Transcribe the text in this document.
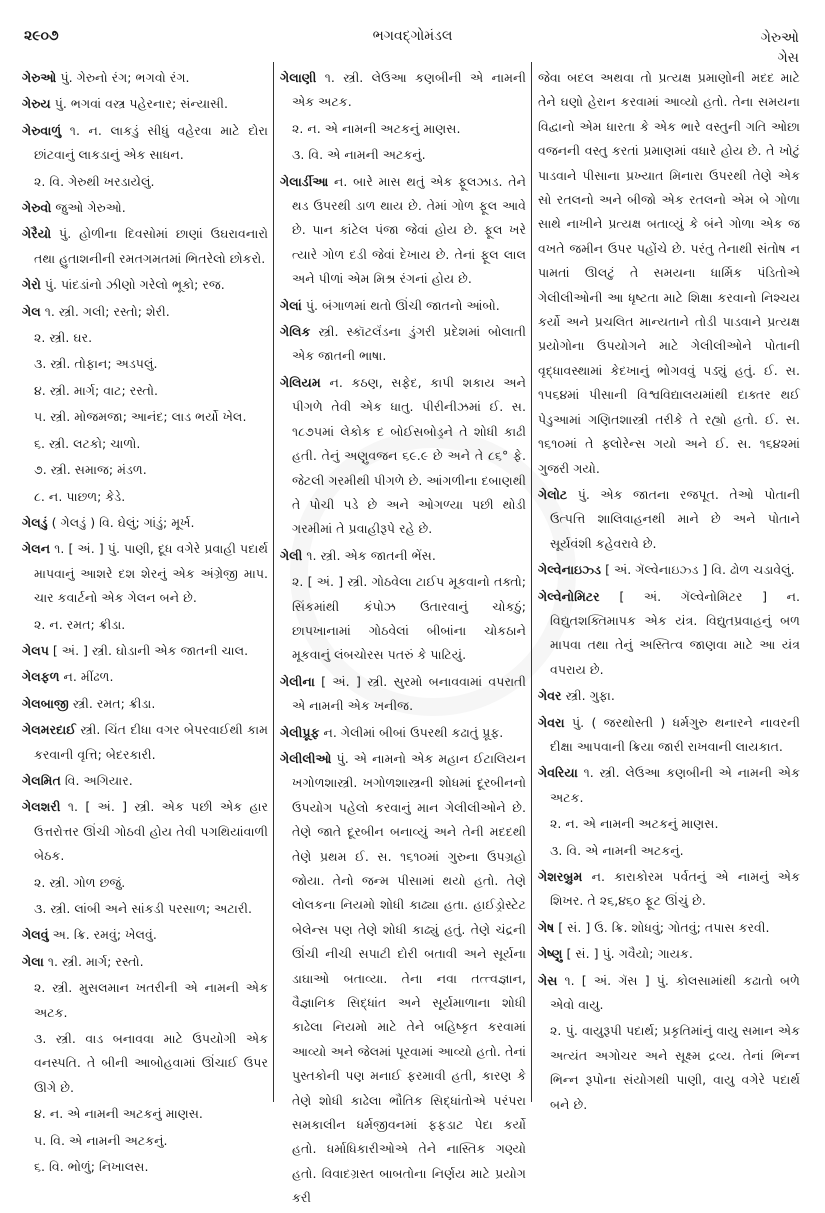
૨૯૦૭	ભગવદ્ગોમંડલ	ગેરુઓ
ગેસ
ગેરુઓ પું. ગેરુનો રંગ; ભગવો રંગ.
ગેરુય પું. ભગવાં વસ્ત્ર પહેરનાર; સંન્યાસી.
ગેરુવાળું ૧. ન. લાકડું સીધું વહેરવા માટે દોરા છાંટવાનું લાકડાનું એક સાધન.
૨. વિ. ગેરુથી ખરડાયેલું.
ગેરુવો જુઓ ગેરુઓ.
ગેરૈયો પું. હોળીના દિવસોમાં છાણાં ઉઘરાવનારો તથા હુતાશનીની રમતગમતમાં ભિતરેલો છોકરો.
ગેરો પું. પાંદડાંનો ઝીણો ગરેલો ભૂકો; રજ.
ગેલ ૧. સ્ત્રી. ગલી; રસ્તો; શેરી.
૨. સ્ત્રી. ઘર.
૩. સ્ત્રી. તોફાન; અડપલું.
૪. સ્ત્રી. માર્ગ; વાટ; રસ્તો.
૫. સ્ત્રી. મોજમજા; આનંદ; લાડ ભર્યો ખેલ.
૬. સ્ત્રી. લટકો; ચાળો.
૭. સ્ત્રી. સમાજ; મંડળ.
૮. ન. પાછળ; કેડે.
ગેલડું ( ગેલડું ) વિ. ઘેલું; ગાંડું; મૂર્ખ.
ગેલન ૧. [ અં. ] પું. પાણી, દૂધ વગેરે પ્રવાહી પદાર્થ માપવાનું આશરે દશ શેરનું એક અંગ્રેજી માપ. ચાર કવાર્ટનો એક ગેલન બને છે.
૨. ન. રમત; ક્રીડા.
ગેલપ [ અં. ] સ્ત્રી. ઘોડાની એક જાતની ચાલ.
ગેલફળ ન. મીંઢળ.
ગેલબાજી સ્ત્રી. રમત; ક્રીડા.
ગેલમરદાઈ સ્ત્રી. ચિંત દીધા વગર બેપરવાઈથી કામ કરવાની વૃત્તિ; બેદરકારી.
ગેલમિત વિ. અગિયાર.
ગેલશરી ૧. [ અં. ] સ્ત્રી. એક પછી એક હાર ઉત્તરોત્તર ઊંચી ગોઠવી હોય તેવી પગથિયાંવાળી બેઠક.
૨. સ્ત્રી. ગોળ છજું.
૩. સ્ત્રી. લાંબી અને સાંકડી પરસાળ; અટારી.
ગેલવું અ. ક્રિ. રમવું; ખેલવું.
ગેલા ૧. સ્ત્રી. માર્ગ; રસ્તો.
૨. સ્ત્રી. મુસલમાન ખતરીની એ નામની એક અટક.
૩. સ્ત્રી. વાડ બનાવવા માટે ઉપયોગી એક વનસ્પતિ. તે બીની આબોહવામાં ઊંચાઈ ઉપર ઊગે છે.
૪. ન. એ નામની અટકનું માણસ.
૫. વિ. એ નામની અટકનું.
૬. વિ. ભોળું; નિખાલસ.
ગેલાણી ૧. સ્ત્રી. લેઉઆ કણબીની એ નામની એક અટક.
૨. ન. એ નામની અટકનું માણસ.
૩. વિ. એ નામની અટકનું.
ગેલાર્ડીઆ ન. બારે માસ થતું એક ફૂલઝાડ. તેને થડ ઉપરથી ડાળ થાય છે. તેમાં ગોળ ફૂલ આવે છે. પાન કાંટેલ પંજા જેવાં હોય છે. ફૂલ ખરે ત્યારે ગોળ દડી જેવાં દેખાય છે. તેનાં ફૂલ લાલ અને પીળાં એમ મિશ્ર રંગનાં હોય છે.
ગેલાં પું. બંગાળમાં થતો ઊંચી જાતનો આંબો.
ગેલિક સ્ત્રી. સ્કૉટલૅંડના ડુંગરી પ્રદેશમાં બોલાતી એક જાતની ભાષા.
ગેલિયમ ન. કઠણ, સફેદ, કાપી શકાય અને પીગળે તેવી એક ધાતુ. પીરીનીઝમાં ઈ. સ. ૧૮૭૫માં લેકોક દ બોઈસબોડ્રને તે શોધી કાઢી હતી. તેનું અણુવજન ૬૯.૯ છે અને તે ૮૬° ફે. જેટલી ગરમીથી પીગળે છે. આંગળીના દબાણથી તે પોચી પડે છે અને ઓગળ્યા પછી થોડી ગરમીમાં તે પ્રવાહીરૂપે રહે છે.
ગેલી ૧. સ્ત્રી. એક જાતની ભેંસ.
૨. [ અં. ] સ્ત્રી. ગોઠવેલા ટાઈપ મૂકવાનો તક્તો; સિંકમાંથી કંપોઝ ઉતારવાનું ચોકઠું; છાપખાનામાં ગોઠવેલાં બીબાંના ચોકઠાને મૂકવાનું લંબચોરસ પતરું કે પાટિયું.
ગેલીના [ અં. ] સ્ત્રી. સુરમો બનાવવામાં વપરાતી એ નામની એક ખનીજ.
ગેલીપ્રૂફ ન. ગેલીમાં બીબાં ઉપરથી કઢાતું પ્રૂફ.
ગેલીલીઓ પું. એ નામનો એક મહાન ઈટાલિયન ખગોળશાસ્ત્રી. ખગોળશાસ્ત્રની શોધમાં દૂરબીનનો ઉપયોગ પહેલો કરવાનું માન ગેલીલીઓને છે. તેણે જાતે દૂરબીન બનાવ્યું અને તેની મદદથી તેણે પ્રથમ ઈ. સ. ૧૬૧૦માં ગુરુના ઉપગ્રહો જોયા. તેનો જન્મ પીસામાં થયો હતો. તેણે લોલકના નિયમો શોધી કાઢ્યા હતા. હાઈડ્રોસ્ટેટ બેલેન્સ પણ તેણે શોધી કાઢ્યું હતું. તેણે ચંદ્રની ઊંચી નીચી સપાટી દોરી બતાવી અને સૂર્યના ડાઘાઓ બતાવ્યા. તેના નવા તત્ત્વજ્ઞાન, વૈજ્ઞાનિક સિદ્ધાંત અને સૂર્યમાળાના શોધી કાઢેલા નિયમો માટે તેને બહિષ્કૃત કરવામાં આવ્યો અને જેલમાં પૂરવામાં આવ્યો હતો. તેનાં પુસ્તકોની પણ મનાઈ ફરમાવી હતી, કારણ કે તેણે શોધી કાઢેલા ભૌતિક સિદ્ધાંતોએ પરંપરા સમકાલીન ધર્મજીવનમાં ફફડાટ પેદા કર્યો હતો. ધર્માધિકારીઓએ તેને નાસ્તિક ગણ્યો હતો. વિવાદગ્રસ્ત બાબતોના નિર્ણય માટે પ્રયોગ કરી
જેવા બદલ અથવા તો પ્રત્યક્ષ પ્રમાણોની મદદ માટે તેને ઘણો હેરાન કરવામાં આવ્યો હતો. તેના સમયના વિદ્વાનો એમ ધારતા કે એક ભારે વસ્તુની ગતિ ઓછા વજનની વસ્તુ કરતાં પ્રમાણમાં વધારે હોય છે. તે ખોટું પાડવાને પીસાના પ્રખ્યાત મિનારા ઉપરથી તેણે એક સો રતલનો અને બીજો એક રતલનો એમ બે ગોળા સાથે નાખીને પ્રત્યક્ષ બતાવ્યું કે બંને ગોળા એક જ વખતે જમીન ઉપર પહોંચે છે. પરંતુ તેનાથી સંતોષ ન પામતાં ઊલટું તે સમયના ધાર્મિક પંડિતોએ ગેલીલીઓની આ ધૃષ્ટતા માટે શિક્ષા કરવાનો નિશ્ચય કર્યો અને પ્રચલિત માન્યતાને તોડી પાડવાને પ્રત્યક્ષ પ્રયોગોના ઉપયોગને માટે ગેલીલીઓને પોતાની વૃદ્ધાવસ્થામાં કેદખાનું ભોગવવું પડ્યું હતું. ઈ. સ. ૧૫૬૪માં પીસાની વિશ્વવિદ્યાલયમાંથી દાક્તર થઈ પેડુઆમાં ગણિતશાસ્ત્રી તરીકે તે રહ્યો હતો. ઈ. સ. ૧૬૧૦માં તે ફ્લોરેન્સ ગયો અને ઈ. સ. ૧૬૪૨માં ગુજરી ગયો.
ગેલોટ પું. એક જાતના રજપૂત. તેઓ પોતાની ઉત્પત્તિ શાલિવાહનથી માને છે અને પોતાને સૂર્યવંશી કહેવરાવે છે.
ગેલ્વેનાઇઝ્ડ [ અં. ગૅલ્વેનાઇઝ્ડ ] વિ. ઢોળ ચડાવેલું.
ગેલ્વેનોમિટર [ અં. ગૅલ્વેનોમિટર ] ન. વિદ્યુતશક્તિમાપક એક યંત્ર. વિદ્યુતપ્રવાહનું બળ માપવા તથા તેનું અસ્તિત્વ જાણવા માટે આ યંત્ર વપરાય છે.
ગેવર સ્ત્રી. ગુફા.
ગેવરા પું. ( જરથોસ્તી ) ધર્મગુરુ થનારને નાવરની દીક્ષા આપવાની ક્રિયા જારી રાખવાની લાયકાત.
ગેવરિયા ૧. સ્ત્રી. લેઉઆ કણબીની એ નામની એક અટક.
૨. ન. એ નામની અટકનું માણસ.
૩. વિ. એ નામની અટકનું.
ગેશરબ્રુમ ન. કારાકોરમ પર્વતનું એ નામનું એક શિખર. તે ૨૬,૪૬૦ ફૂટ ઊંચું છે.
ગેષ [ સં. ] ઉ. ક્રિ. શોધવું; ગોતવું; તપાસ કરવી.
ગેષ્ણુ [ સં. ] પું. ગવૈયો; ગાયક.
ગેસ ૧. [ અં. ગૅસ ] પું. કોલસામાંથી કઢાતો બળે એવો વાયુ.
૨. પું. વાયુરૂપી પદાર્થ; પ્રકૃતિમાંનું વાયુ સમાન એક અત્યંત અગોચર અને સૂક્ષ્મ દ્રવ્ય. તેનાં ભિન્ન ભિન્ન રૂપોના સંયોગથી પાણી, વાયુ વગેરે પદાર્થ બને છે.
